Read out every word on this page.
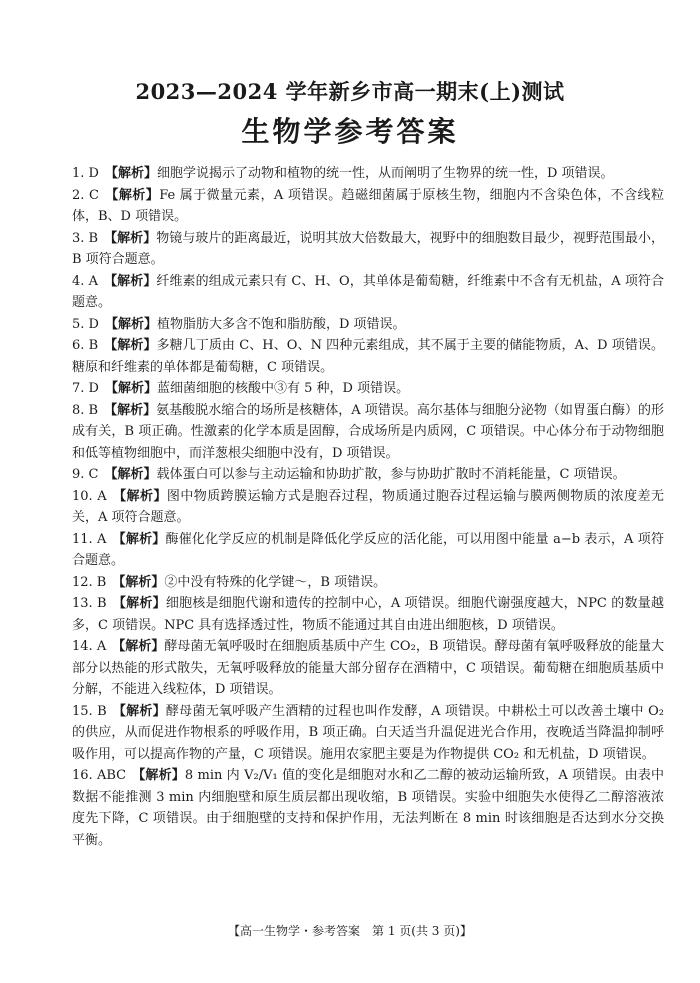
2023—2024 学年新乡市高一期末(上)测试
生物学参考答案
1. D 【解析】细胞学说揭示了动物和植物的统一性，从而阐明了生物界的统一性，D 项错误。
2. C 【解析】Fe 属于微量元素，A 项错误。趋磁细菌属于原核生物，细胞内不含染色体，不含线粒体，B、D 项错误。
3. B 【解析】物镜与玻片的距离最近，说明其放大倍数最大，视野中的细胞数目最少，视野范围最小，B 项符合题意。
4. A 【解析】纤维素的组成元素只有 C、H、O，其单体是葡萄糖，纤维素中不含有无机盐，A 项符合题意。
5. D 【解析】植物脂肪大多含不饱和脂肪酸，D 项错误。
6. B 【解析】多糖几丁质由 C、H、O、N 四种元素组成，其不属于主要的储能物质，A、D 项错误。糖原和纤维素的单体都是葡萄糖，C 项错误。
7. D 【解析】蓝细菌细胞的核酸中③有 5 种，D 项错误。
8. B 【解析】氨基酸脱水缩合的场所是核糖体，A 项错误。高尔基体与细胞分泌物（如胃蛋白酶）的形成有关，B 项正确。性激素的化学本质是固醇，合成场所是内质网，C 项错误。中心体分布于动物细胞和低等植物细胞中，而洋葱根尖细胞中没有，D 项错误。
9. C 【解析】载体蛋白可以参与主动运输和协助扩散，参与协助扩散时不消耗能量，C 项错误。
10. A 【解析】图中物质跨膜运输方式是胞吞过程，物质通过胞吞过程运输与膜两侧物质的浓度差无关，A 项符合题意。
11. A 【解析】酶催化化学反应的机制是降低化学反应的活化能，可以用图中能量 a−b 表示，A 项符合题意。
12. B 【解析】②中没有特殊的化学键～，B 项错误。
13. B 【解析】细胞核是细胞代谢和遗传的控制中心，A 项错误。细胞代谢强度越大，NPC 的数量越多，C 项错误。NPC 具有选择透过性，物质不能通过其自由进出细胞核，D 项错误。
14. A 【解析】酵母菌无氧呼吸时在细胞质基质中产生 CO₂，B 项错误。酵母菌有氧呼吸释放的能量大部分以热能的形式散失，无氧呼吸释放的能量大部分留存在酒精中，C 项错误。葡萄糖在细胞质基质中分解，不能进入线粒体，D 项错误。
15. B 【解析】酵母菌无氧呼吸产生酒精的过程也叫作发酵，A 项错误。中耕松土可以改善土壤中 O₂ 的供应，从而促进作物根系的呼吸作用，B 项正确。白天适当升温促进光合作用，夜晚适当降温抑制呼吸作用，可以提高作物的产量，C 项错误。施用农家肥主要是为作物提供 CO₂ 和无机盐，D 项错误。
16. ABC 【解析】8 min 内 V₂/V₁ 值的变化是细胞对水和乙二醇的被动运输所致，A 项错误。由表中数据不能推测 3 min 内细胞壁和原生质层都出现收缩，B 项错误。实验中细胞失水使得乙二醇溶液浓度先下降，C 项错误。由于细胞壁的支持和保护作用，无法判断在 8 min 时该细胞是否达到水分交换平衡。
【高一生物学・参考答案　第 1 页(共 3 页)】
